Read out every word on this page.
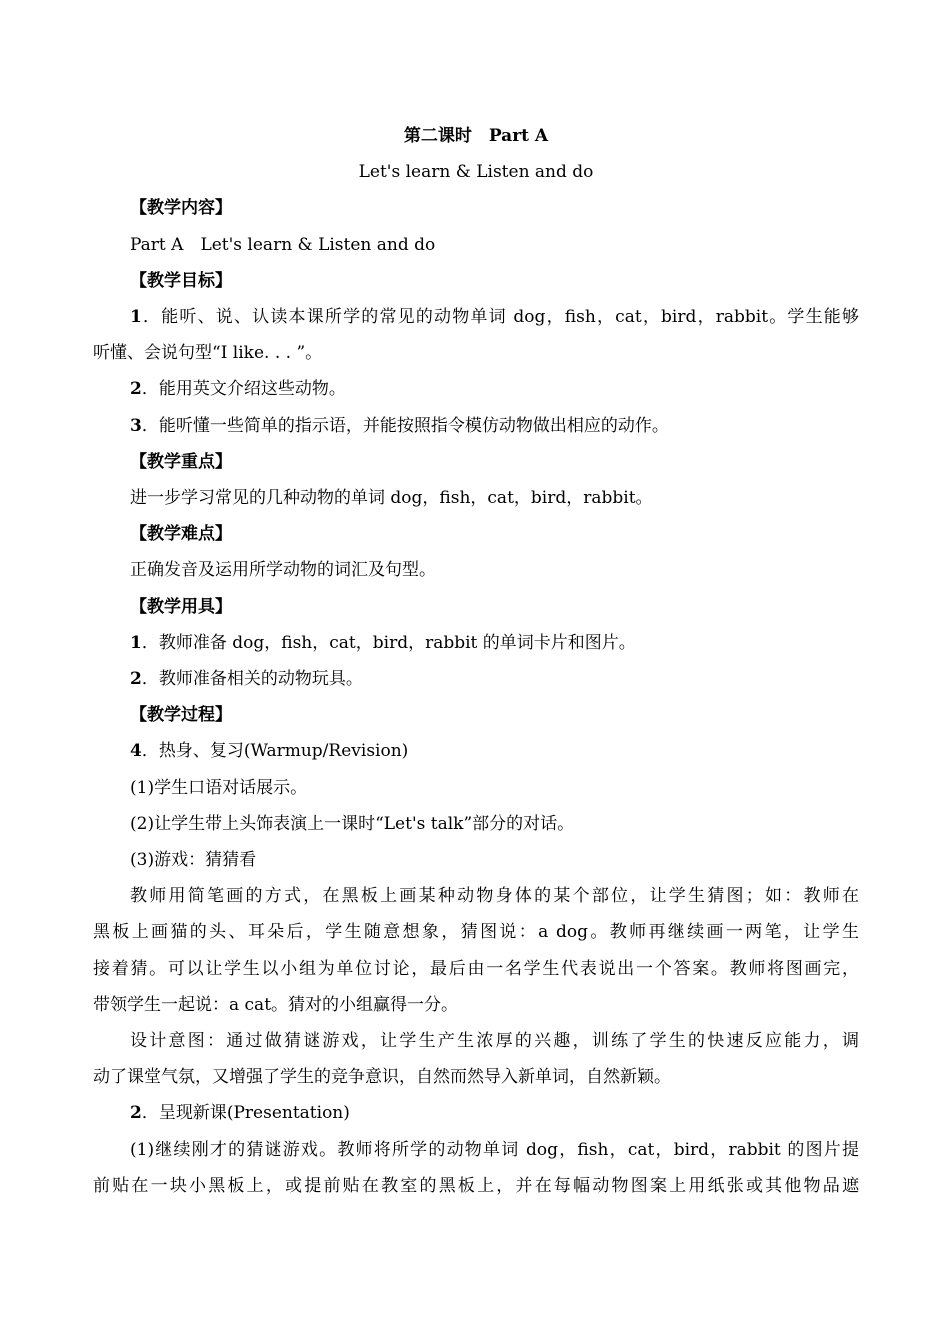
第二课时　Part A

Let's learn & Listen and do

【教学内容】

Part A　Let's learn & Listen and do

【教学目标】

1．能听、说、认读本课所学的常见的动物单词 dog，fish，cat，bird，rabbit。学生能够

听懂、会说句型“I like. . . ”。

2．能用英文介绍这些动物。

3．能听懂一些简单的指示语，并能按照指令模仿动物做出相应的动作。

【教学重点】

进一步学习常见的几种动物的单词 dog，fish，cat，bird，rabbit。

【教学难点】

正确发音及运用所学动物的词汇及句型。

【教学用具】

1．教师准备 dog，fish，cat，bird，rabbit 的单词卡片和图片。

2．教师准备相关的动物玩具。

【教学过程】

4．热身、复习(Warmup/Revision)

(1)学生口语对话展示。

(2)让学生带上头饰表演上一课时“Let's talk”部分的对话。

(3)游戏：猜猜看

教师用简笔画的方式，在黑板上画某种动物身体的某个部位，让学生猜图；如：教师在

黑板上画猫的头、耳朵后，学生随意想象，猜图说：a dog。教师再继续画一两笔，让学生

接着猜。可以让学生以小组为单位讨论，最后由一名学生代表说出一个答案。教师将图画完，

带领学生一起说：a cat。猜对的小组赢得一分。

设计意图：通过做猜谜游戏，让学生产生浓厚的兴趣，训练了学生的快速反应能力，调

动了课堂气氛，又增强了学生的竞争意识，自然而然导入新单词，自然新颖。

2．呈现新课(Presentation)

(1)继续刚才的猜谜游戏。教师将所学的动物单词 dog，fish，cat，bird，rabbit 的图片提

前贴在一块小黑板上，或提前贴在教室的黑板上，并在每幅动物图案上用纸张或其他物品遮
